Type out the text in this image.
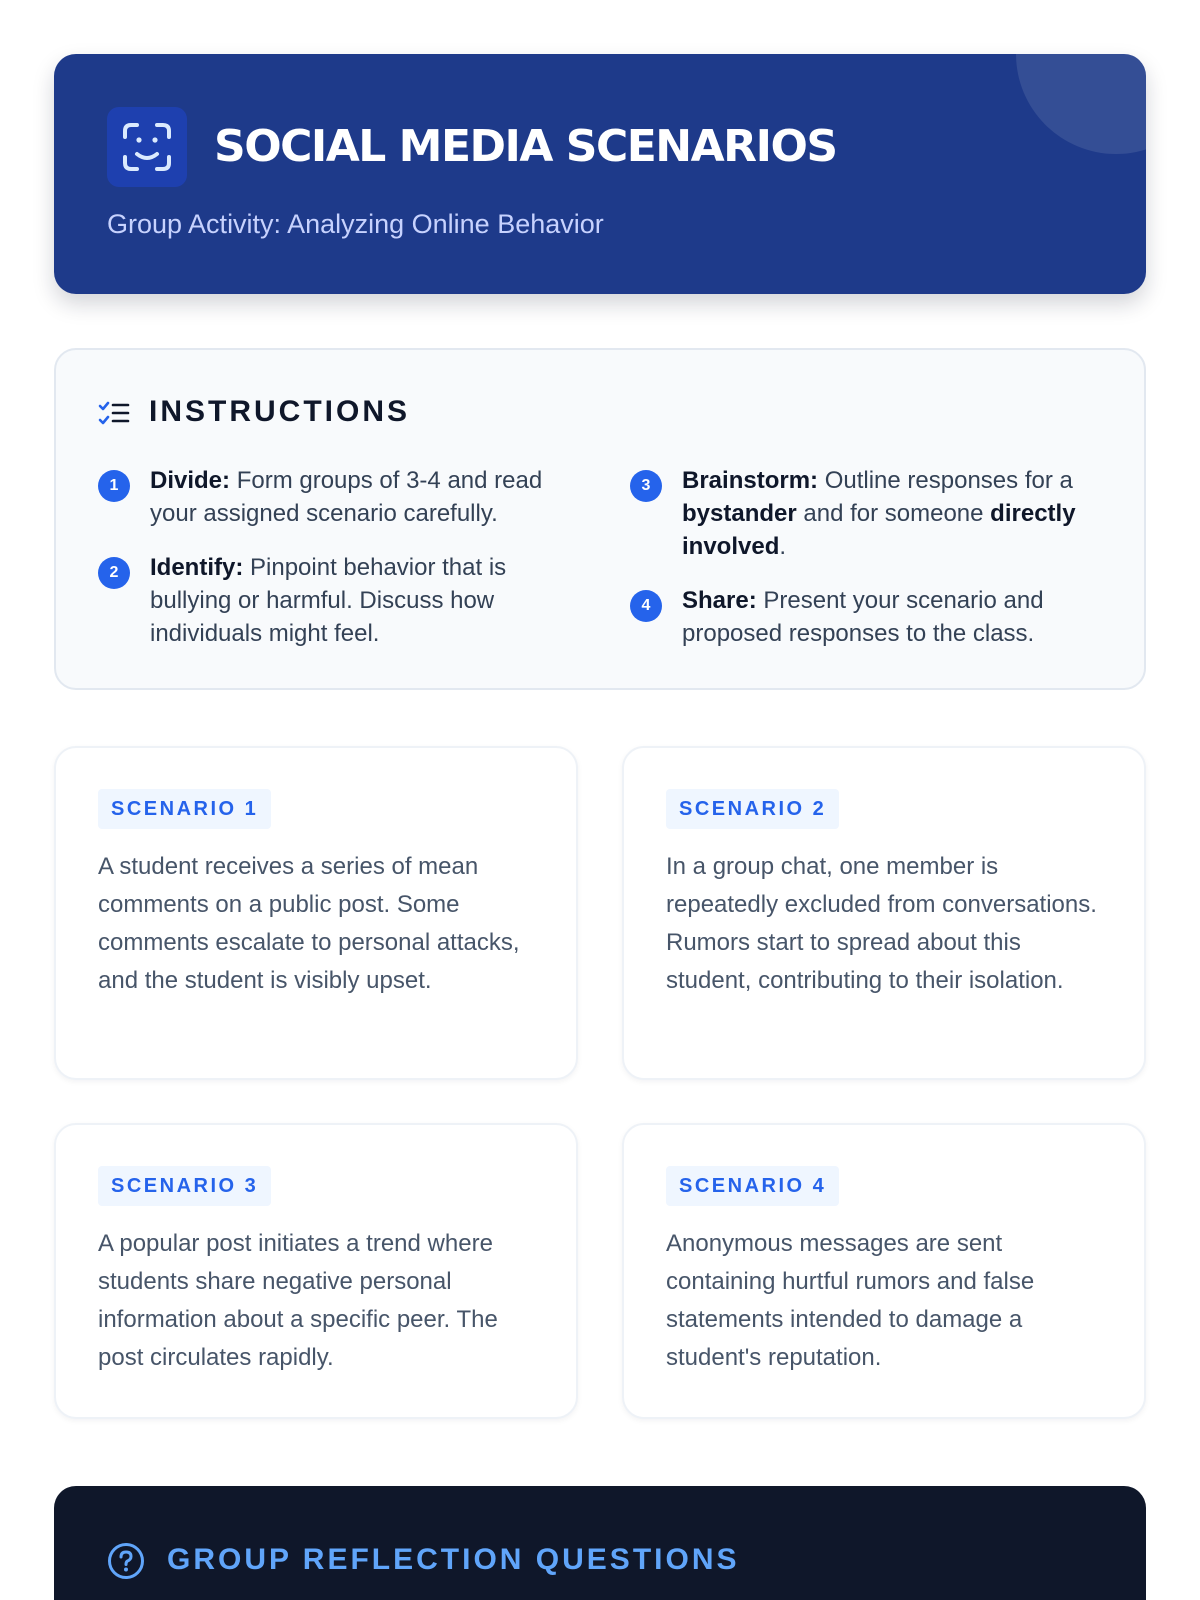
SOCIAL MEDIA SCENARIOS
Group Activity: Analyzing Online Behavior
INSTRUCTIONS
1	Divide: Form groups of 3-4 and read your assigned scenario carefully.
2	Identify: Pinpoint behavior that is bullying or harmful. Discuss how individuals might feel.
3	Brainstorm: Outline responses for a bystander and for someone directly involved.
4	Share: Present your scenario and proposed responses to the class.
SCENARIO 1
A student receives a series of mean comments on a public post. Some comments escalate to personal attacks, and the student is visibly upset.
SCENARIO 2
In a group chat, one member is repeatedly excluded from conversations. Rumors start to spread about this student, contributing to their isolation.
SCENARIO 3
A popular post initiates a trend where students share negative personal information about a specific peer. The post circulates rapidly.
SCENARIO 4
Anonymous messages are sent containing hurtful rumors and false statements intended to damage a student's reputation.
GROUP REFLECTION QUESTIONS
